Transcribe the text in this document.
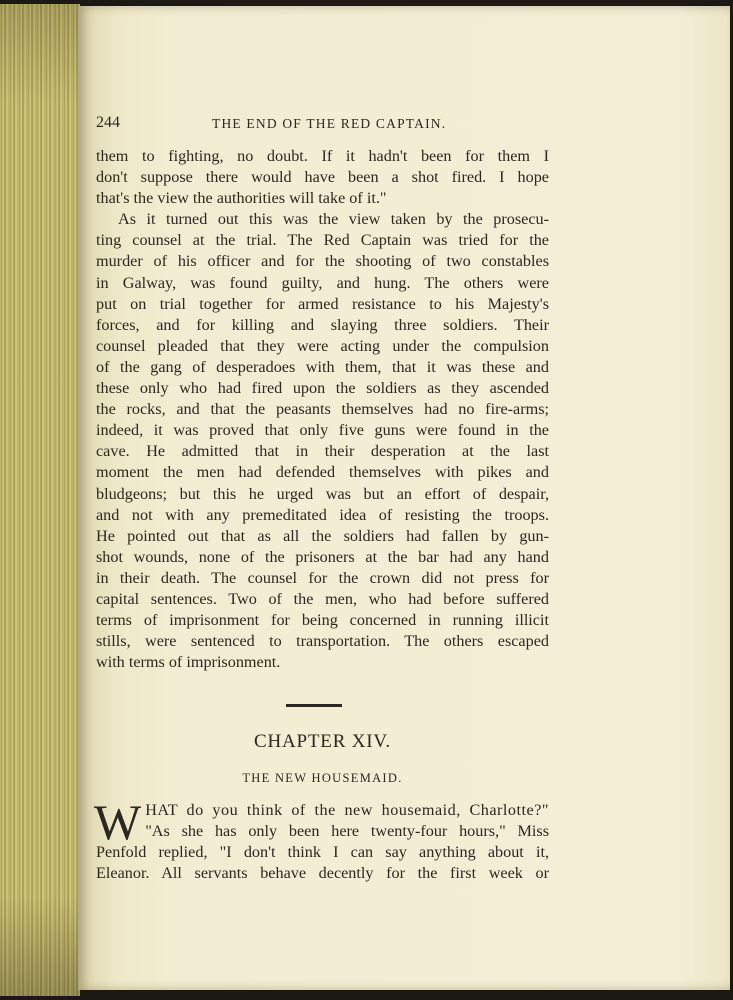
244	THE END OF THE RED CAPTAIN.

them to fighting, no doubt. If it hadn't been for them I
don't suppose there would have been a shot fired. I hope
that's the view the authorities will take of it."

As it turned out this was the view taken by the prosecu-
ting counsel at the trial. The Red Captain was tried for the
murder of his officer and for the shooting of two constables
in Galway, was found guilty, and hung. The others were
put on trial together for armed resistance to his Majesty's
forces, and for killing and slaying three soldiers. Their
counsel pleaded that they were acting under the compulsion
of the gang of desperadoes with them, that it was these and
these only who had fired upon the soldiers as they ascended
the rocks, and that the peasants themselves had no fire-arms;
indeed, it was proved that only five guns were found in the
cave. He admitted that in their desperation at the last
moment the men had defended themselves with pikes and
bludgeons; but this he urged was but an effort of despair,
and not with any premeditated idea of resisting the troops.
He pointed out that as all the soldiers had fallen by gun-
shot wounds, none of the prisoners at the bar had any hand
in their death. The counsel for the crown did not press for
capital sentences. Two of the men, who had before suffered
terms of imprisonment for being concerned in running illicit
stills, were sentenced to transportation. The others escaped
with terms of imprisonment.

CHAPTER XIV.
THE NEW HOUSEMAID.
W HAT do you think of the new housemaid, Charlotte?"
"As she has only been here twenty-four hours," Miss
Penfold replied, "I don't think I can say anything about it,
Eleanor. All servants behave decently for the first week or
